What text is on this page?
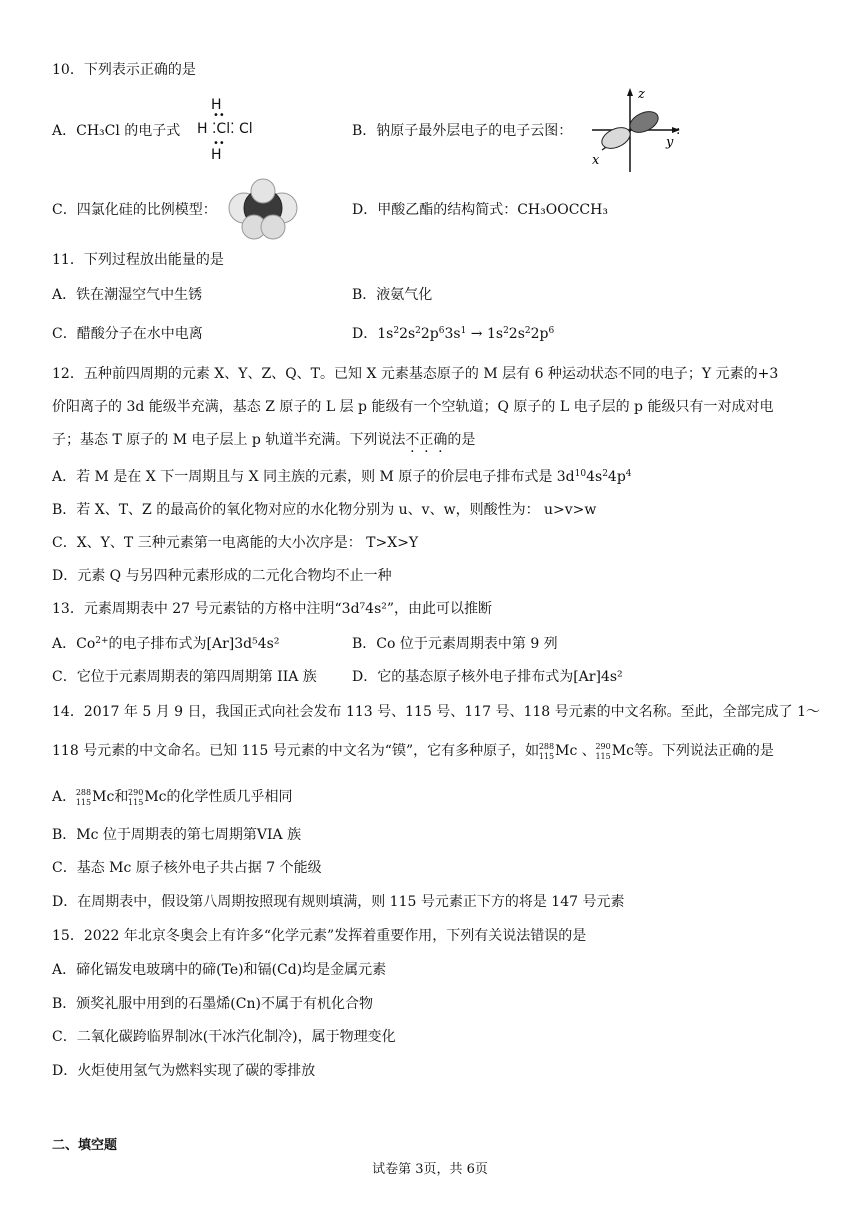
10．下列表示正确的是
A．CH₃Cl 的电子式
H
H ⁚Cl⁚ Cl
H
••
••
B．钠原子最外层电子的电子云图：
z
y
x
:
C．四氯化硅的比例模型：	D．甲酸乙酯的结构简式：CH₃OOCCH₃
11．下列过程放出能量的是
A．铁在潮湿空气中生锈	B．液氨气化
C．醋酸分子在水中电离	D．$1s^22s^22p^63s^1 \to 1s^22s^22p^6$
12．五种前四周期的元素 X、Y、Z、Q、T。已知 X 元素基态原子的 M 层有 6 种运动状态不同的电子；Y 元素的+3
价阳离子的 3d 能级半充满，基态 Z 原子的 L 层 p 能级有一个空轨道；Q 原子的 L 电子层的 p 能级只有一对成对电
子；基态 T 原子的 M 电子层上 p 轨道半充满。下列说法不正确的是
A．若 M 是在 X 下一周期且与 X 同主族的元素，则 M 原子的价层电子排布式是 $3d^{10}4s^24p^4$
B．若 X、T、Z 的最高价的氧化物对应的水化物分别为 u、v、w，则酸性为： u>v>w
C．X、Y、T 三种元素第一电离能的大小次序是： T>X>Y
D．元素 Q 与另四种元素形成的二元化合物均不止一种
13．元素周期表中 27 号元素钴的方格中注明“3d⁷4s²”，由此可以推断
A．$Co^{2+}$的电子排布式为[Ar]3d⁵4s²	B．Co 位于元素周期表中第 9 列
C．它位于元素周期表的第四周期第 IIA 族	D．它的基态原子核外电子排布式为[Ar]4s²
14．2017 年 5 月 9 日，我国正式向社会发布 113 号、115 号、117 号、118 号元素的中文名称。至此，全部完成了 1～
118 号元素的中文命名。已知 115 号元素的中文名为“镆”，它有多种原子，如 288
115 Mc 、 290
115 Mc等。下列说法正确的是
A． 288
115 Mc和 290
115 Mc的化学性质几乎相同
B．Mc 位于周期表的第七周期第VIA 族
C．基态 Mc 原子核外电子共占据 7 个能级
D．在周期表中，假设第八周期按照现有规则填满，则 115 号元素正下方的将是 147 号元素
15．2022 年北京冬奥会上有许多“化学元素”发挥着重要作用，下列有关说法错误的是
A．碲化镉发电玻璃中的碲(Te)和镉(Cd)均是金属元素
B．颁奖礼服中用到的石墨烯(Cn)不属于有机化合物
C．二氧化碳跨临界制冰(干冰汽化制冷)，属于物理变化
D．火炬使用氢气为燃料实现了碳的零排放
二、填空题
试卷第 3页，共 6页
